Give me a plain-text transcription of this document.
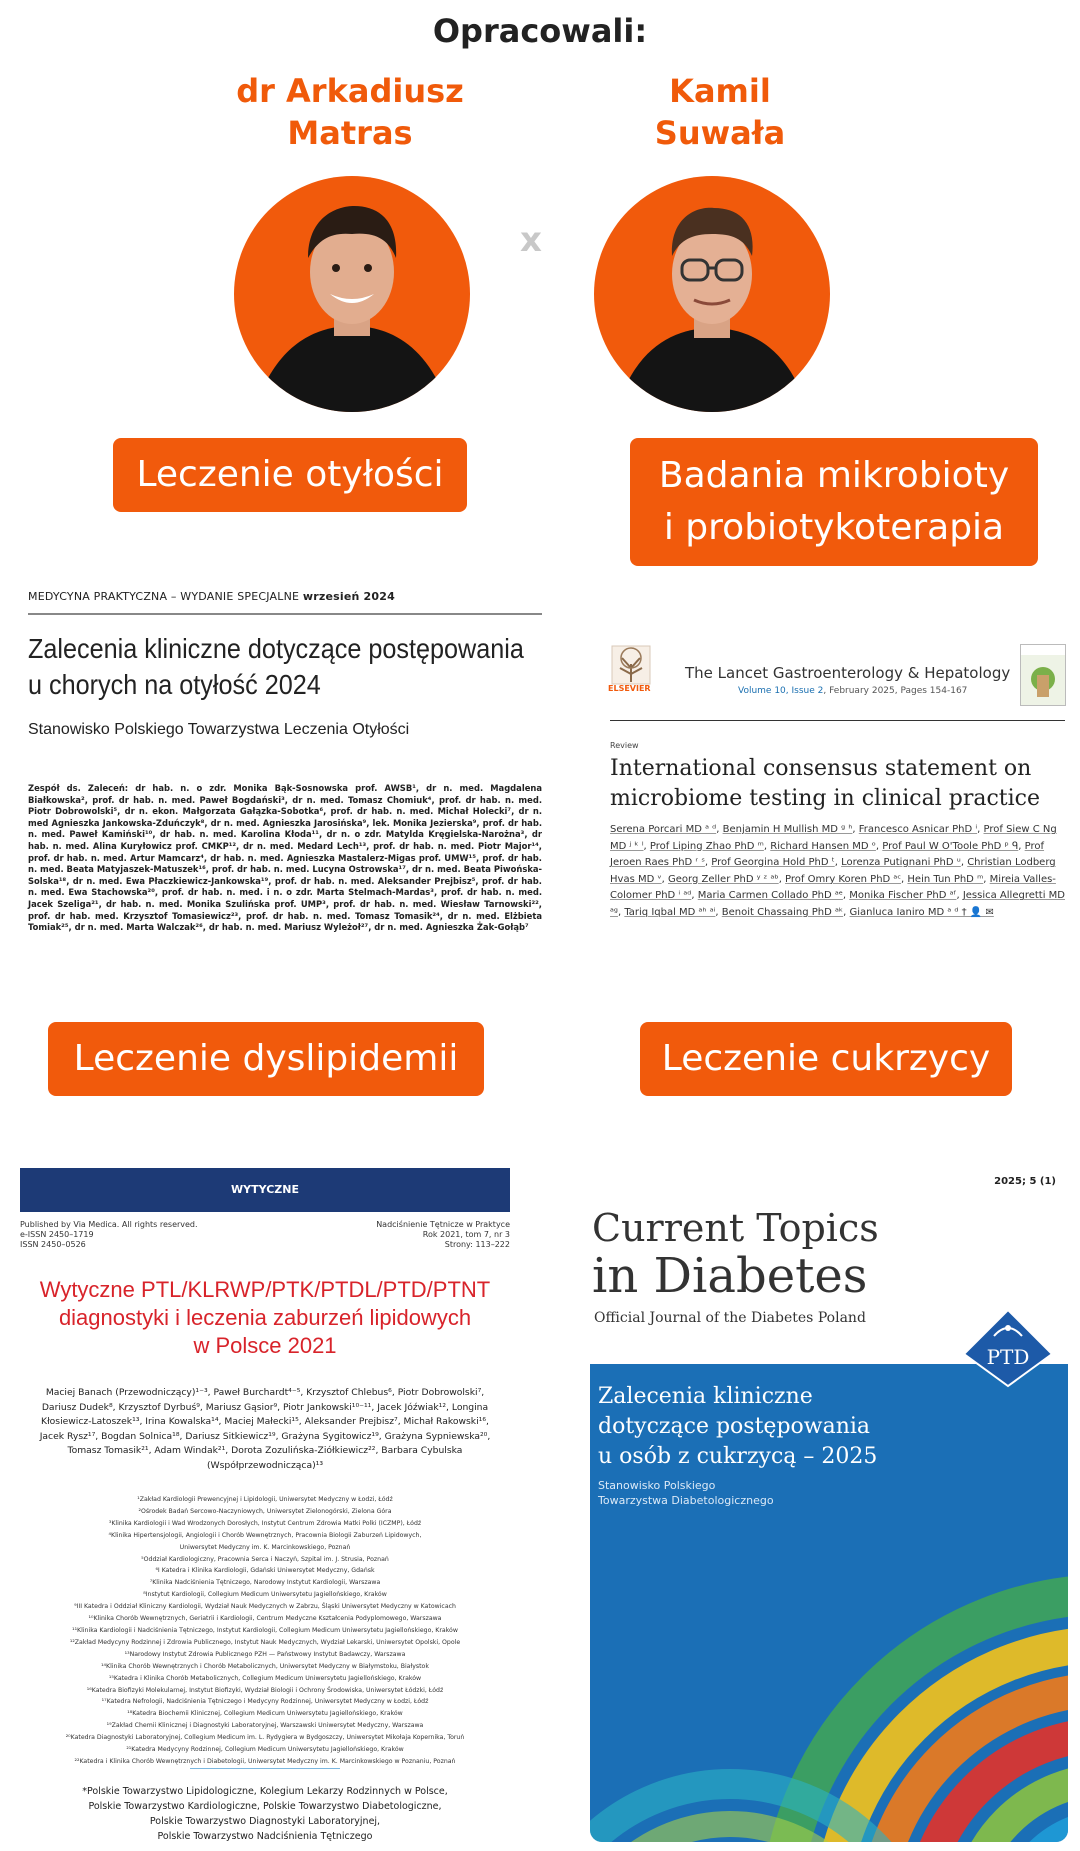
Opracowali:
dr Arkadiusz
Matras
Kamil
Suwała
x
Leczenie otyłości	Badania mikrobioty
i probiotykoterapia
MEDYCYNA PRAKTYCZNA – WYDANIE SPECJALNE wrzesień 2024
Zalecenia kliniczne dotyczące postępowania
u chorych na otyłość 2024
Stanowisko Polskiego Towarzystwa Leczenia Otyłości
Zespół ds. Zaleceń: dr hab. n. o zdr. Monika Bąk-Sosnowska prof. AWSB¹, dr n. med. Magdalena Białkowska², prof. dr hab. n. med. Paweł Bogdański³, dr n. med. Tomasz Chomiuk⁴, prof. dr hab. n. med. Piotr Dobrowolski⁵, dr n. ekon. Małgorzata Gałązka-Sobotka⁶, prof. dr hab. n. med. Michał Holecki⁷, dr n. med Agnieszka Jankowska-Zduńczyk⁸, dr n. med. Agnieszka Jarosińska⁹, lek. Monika Jezierska⁹, prof. dr hab. n. med. Paweł Kamiński¹⁰, dr hab. n. med. Karolina Kłoda¹¹, dr n. o zdr. Matylda Kręgielska-Narożna³, dr hab. n. med. Alina Kuryłowicz prof. CMKP¹², dr n. med. Medard Lech¹³, prof. dr hab. n. med. Piotr Major¹⁴, prof. dr hab. n. med. Artur Mamcarz⁴, dr hab. n. med. Agnieszka Mastalerz-Migas prof. UMW¹⁵, prof. dr hab. n. med. Beata Matyjaszek-Matuszek¹⁶, prof. dr hab. n. med. Lucyna Ostrowska¹⁷, dr n. med. Beata Piwońska-Solska¹⁸, dr n. med. Ewa Płaczkiewicz-Jankowska¹⁹, prof. dr hab. n. med. Aleksander Prejbisz⁵, prof. dr hab. n. med. Ewa Stachowska²⁰, prof. dr hab. n. med. i n. o zdr. Marta Stelmach-Mardas³, prof. dr hab. n. med. Jacek Szeliga²¹, dr hab. n. med. Monika Szulińska prof. UMP³, prof. dr hab. n. med. Wiesław Tarnowski²², prof. dr hab. med. Krzysztof Tomasiewicz²³, prof. dr hab. n. med. Tomasz Tomasik²⁴, dr n. med. Elżbieta Tomiak²⁵, dr n. med. Marta Walczak²⁶, dr hab. n. med. Mariusz Wyleżoł²⁷, dr n. med. Agnieszka Żak-Gołąb⁷
ELSEVIER
The Lancet Gastroenterology & Hepatology
Volume 10, Issue 2, February 2025, Pages 154-167
Review
International consensus statement on
microbiome testing in clinical practice
Serena Porcari MD ᵃ ᵈ, Benjamin H Mullish MD ᵍ ʰ, Francesco Asnicar PhD ⁱ, Prof Siew C Ng MD ʲ ᵏ ˡ, Prof Liping Zhao PhD ᵐ, Richard Hansen MD ᵒ, Prof Paul W O'Toole PhD ᵖ ᑫ, Prof Jeroen Raes PhD ʳ ˢ, Prof Georgina Hold PhD ᵗ, Lorenza Putignani PhD ᵘ, Christian Lodberg Hvas MD ᵛ, Georg Zeller PhD ʸ ᶻ ᵃᵇ, Prof Omry Koren PhD ᵃᶜ, Hein Tun PhD ᵐ, Mireia Valles-Colomer PhD ⁱ ᵃᵈ, Maria Carmen Collado PhD ᵃᵉ, Monika Fischer PhD ᵃᶠ, Jessica Allegretti MD ᵃᵍ, Tariq Iqbal MD ᵃʰ ᵃⁱ, Benoit Chassaing PhD ᵃᵏ, Gianluca Ianiro MD ᵃ ᵈ † 👤 ✉
Leczenie dyslipidemii	Leczenie cukrzycy
WYTYCZNE
Published by Via Medica. All rights reserved.
e-ISSN 2450–1719
ISSN 2450–0526
Nadciśnienie Tętnicze w Praktyce
Rok 2021, tom 7, nr 3
Strony: 113–222
Wytyczne PTL/KLRWP/PTK/PTDL/PTD/PTNT
diagnostyki i leczenia zaburzeń lipidowych
w Polsce 2021
Maciej Banach (Przewodniczący)¹⁻³, Paweł Burchardt⁴⁻⁵, Krzysztof Chlebus⁶, Piotr Dobrowolski⁷, Dariusz Dudek⁸, Krzysztof Dyrbuś⁹, Mariusz Gąsior⁹, Piotr Jankowski¹⁰⁻¹¹, Jacek Jóźwiak¹², Longina Kłosiewicz-Latoszek¹³, Irina Kowalska¹⁴, Maciej Małecki¹⁵, Aleksander Prejbisz⁷, Michał Rakowski¹⁶, Jacek Rysz¹⁷, Bogdan Solnica¹⁸, Dariusz Sitkiewicz¹⁹, Grażyna Sygitowicz¹⁹, Grażyna Sypniewska²⁰, Tomasz Tomasik²¹, Adam Windak²¹, Dorota Zozulińska-Ziółkiewicz²², Barbara Cybulska (Współprzewodnicząca)¹³
¹Zakład Kardiologii Prewencyjnej i Lipidologii, Uniwersytet Medyczny w Łodzi, Łódź
²Ośrodek Badań Sercowo-Naczyniowych, Uniwersytet Zielonogórski, Zielona Góra
³Klinika Kardiologii i Wad Wrodzonych Dorosłych, Instytut Centrum Zdrowia Matki Polki (ICZMP), Łódź
⁴Klinika Hipertensjologii, Angiologii i Chorób Wewnętrznych, Pracownia Biologii Zaburzeń Lipidowych,
Uniwersytet Medyczny im. K. Marcinkowskiego, Poznań
⁵Oddział Kardiologiczny, Pracownia Serca i Naczyń, Szpital im. J. Strusia, Poznań
⁶I Katedra i Klinika Kardiologii, Gdański Uniwersytet Medyczny, Gdańsk
⁷Klinika Nadciśnienia Tętniczego, Narodowy Instytut Kardiologii, Warszawa
⁸Instytut Kardiologii, Collegium Medicum Uniwersytetu Jagiellońskiego, Kraków
⁹III Katedra i Oddział Kliniczny Kardiologii, Wydział Nauk Medycznych w Zabrzu, Śląski Uniwersytet Medyczny w Katowicach
¹⁰Klinika Chorób Wewnętrznych, Geriatrii i Kardiologii, Centrum Medyczne Kształcenia Podyplomowego, Warszawa
¹¹Klinika Kardiologii i Nadciśnienia Tętniczego, Instytut Kardiologii, Collegium Medicum Uniwersytetu Jagiellońskiego, Kraków
¹²Zakład Medycyny Rodzinnej i Zdrowia Publicznego, Instytut Nauk Medycznych, Wydział Lekarski, Uniwersytet Opolski, Opole
¹³Narodowy Instytut Zdrowia Publicznego PZH — Państwowy Instytut Badawczy, Warszawa
¹⁴Klinika Chorób Wewnętrznych i Chorób Metabolicznych, Uniwersytet Medyczny w Białymstoku, Białystok
¹⁵Katedra i Klinika Chorób Metabolicznych, Collegium Medicum Uniwersytetu Jagiellońskiego, Kraków
¹⁶Katedra Biofizyki Molekularnej, Instytut Biofizyki, Wydział Biologii i Ochrony Środowiska, Uniwersytet Łódzki, Łódź
¹⁷Katedra Nefrologii, Nadciśnienia Tętniczego i Medycyny Rodzinnej, Uniwersytet Medyczny w Łodzi, Łódź
¹⁸Katedra Biochemii Klinicznej, Collegium Medicum Uniwersytetu Jagiellońskiego, Kraków
¹⁹Zakład Chemii Klinicznej i Diagnostyki Laboratoryjnej, Warszawski Uniwersytet Medyczny, Warszawa
²⁰Katedra Diagnostyki Laboratoryjnej, Collegium Medicum im. L. Rydygiera w Bydgoszczy, Uniwersytet Mikołaja Kopernika, Toruń
²¹Katedra Medycyny Rodzinnej, Collegium Medicum Uniwersytetu Jagiellońskiego, Kraków
²²Katedra i Klinika Chorób Wewnętrznych i Diabetologii, Uniwersytet Medyczny im. K. Marcinkowskiego w Poznaniu, Poznań
*Polskie Towarzystwo Lipidologiczne, Kolegium Lekarzy Rodzinnych w Polsce,
Polskie Towarzystwo Kardiologiczne, Polskie Towarzystwo Diabetologiczne,
Polskie Towarzystwo Diagnostyki Laboratoryjnej,
Polskie Towarzystwo Nadciśnienia Tętniczego
2025; 5 (1)
Current Topics
in Diabetes
Official Journal of the Diabetes Poland
Zalecenia kliniczne
dotyczące postępowania
u osób z cukrzycą – 2025
Stanowisko Polskiego
Towarzystwa Diabetologicznego
PTD
